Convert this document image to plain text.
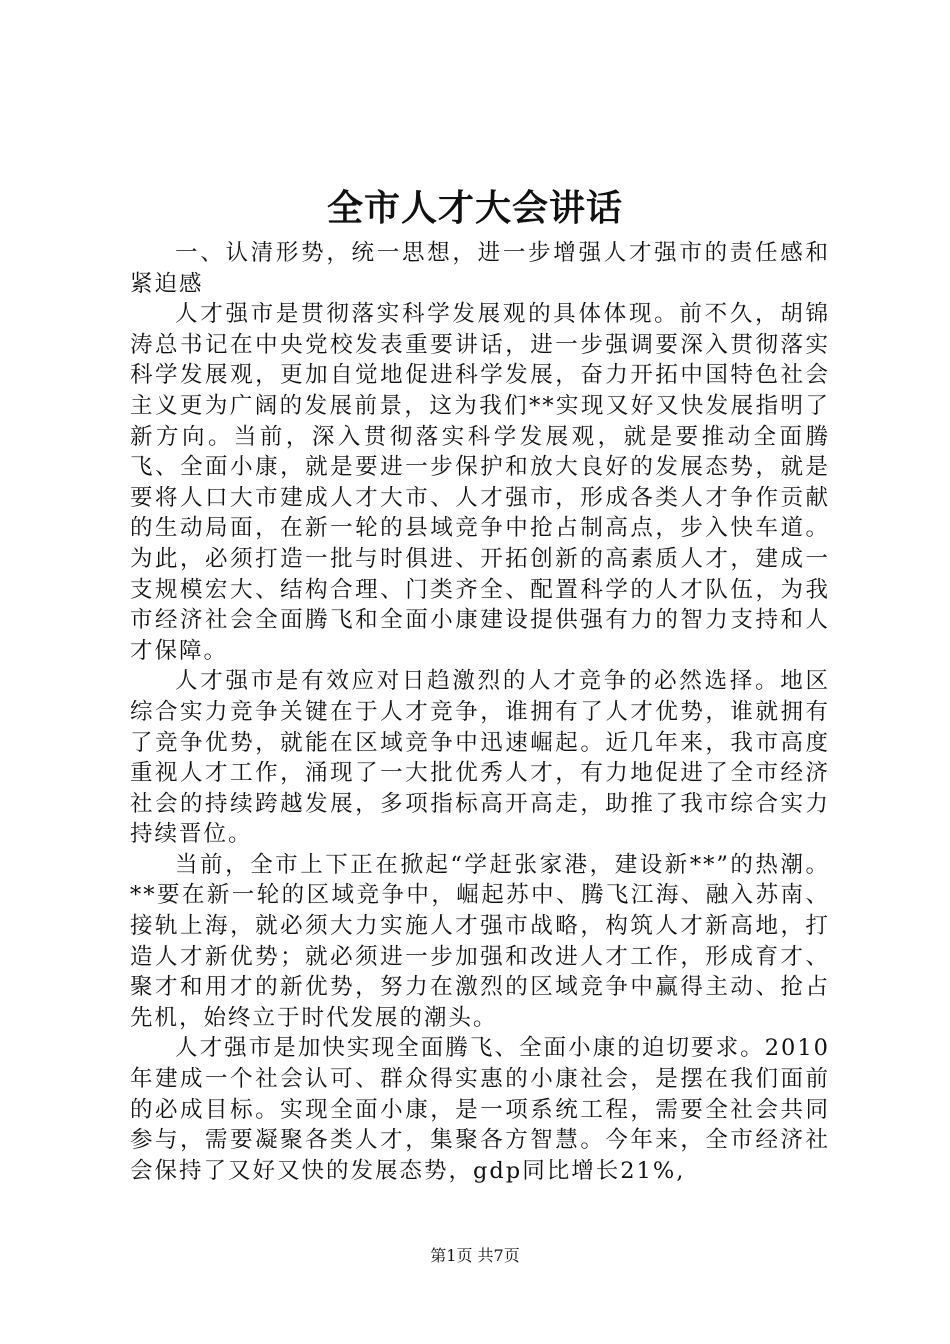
全市人才大会讲话

一、认清形势，统一思想，进一步增强人才强市的责任感和紧迫感

人才强市是贯彻落实科学发展观的具体体现。前不久，胡锦涛总书记在中央党校发表重要讲话，进一步强调要深入贯彻落实科学发展观，更加自觉地促进科学发展，奋力开拓中国特色社会主义更为广阔的发展前景，这为我们**实现又好又快发展指明了新方向。当前，深入贯彻落实科学发展观，就是要推动全面腾飞、全面小康，就是要进一步保护和放大良好的发展态势，就是要将人口大市建成人才大市、人才强市，形成各类人才争作贡献的生动局面，在新一轮的县域竞争中抢占制高点，步入快车道。为此，必须打造一批与时俱进、开拓创新的高素质人才，建成一支规模宏大、结构合理、门类齐全、配置科学的人才队伍，为我市经济社会全面腾飞和全面小康建设提供强有力的智力支持和人才保障。

人才强市是有效应对日趋激烈的人才竞争的必然选择。地区综合实力竞争关键在于人才竞争，谁拥有了人才优势，谁就拥有了竞争优势，就能在区域竞争中迅速崛起。近几年来，我市高度重视人才工作，涌现了一大批优秀人才，有力地促进了全市经济社会的持续跨越发展，多项指标高开高走，助推了我市综合实力持续晋位。

当前，全市上下正在掀起“学赶张家港，建设新**”的热潮。**要在新一轮的区域竞争中，崛起苏中、腾飞江海、融入苏南、接轨上海，就必须大力实施人才强市战略，构筑人才新高地，打造人才新优势；就必须进一步加强和改进人才工作，形成育才、聚才和用才的新优势，努力在激烈的区域竞争中赢得主动、抢占先机，始终立于时代发展的潮头。

人才强市是加快实现全面腾飞、全面小康的迫切要求。2010年建成一个社会认可、群众得实惠的小康社会，是摆在我们面前的必成目标。实现全面小康，是一项系统工程，需要全社会共同参与，需要凝聚各类人才，集聚各方智慧。今年来，全市经济社会保持了又好又快的发展态势，gdp同比增长21%,

第1页 共7页
